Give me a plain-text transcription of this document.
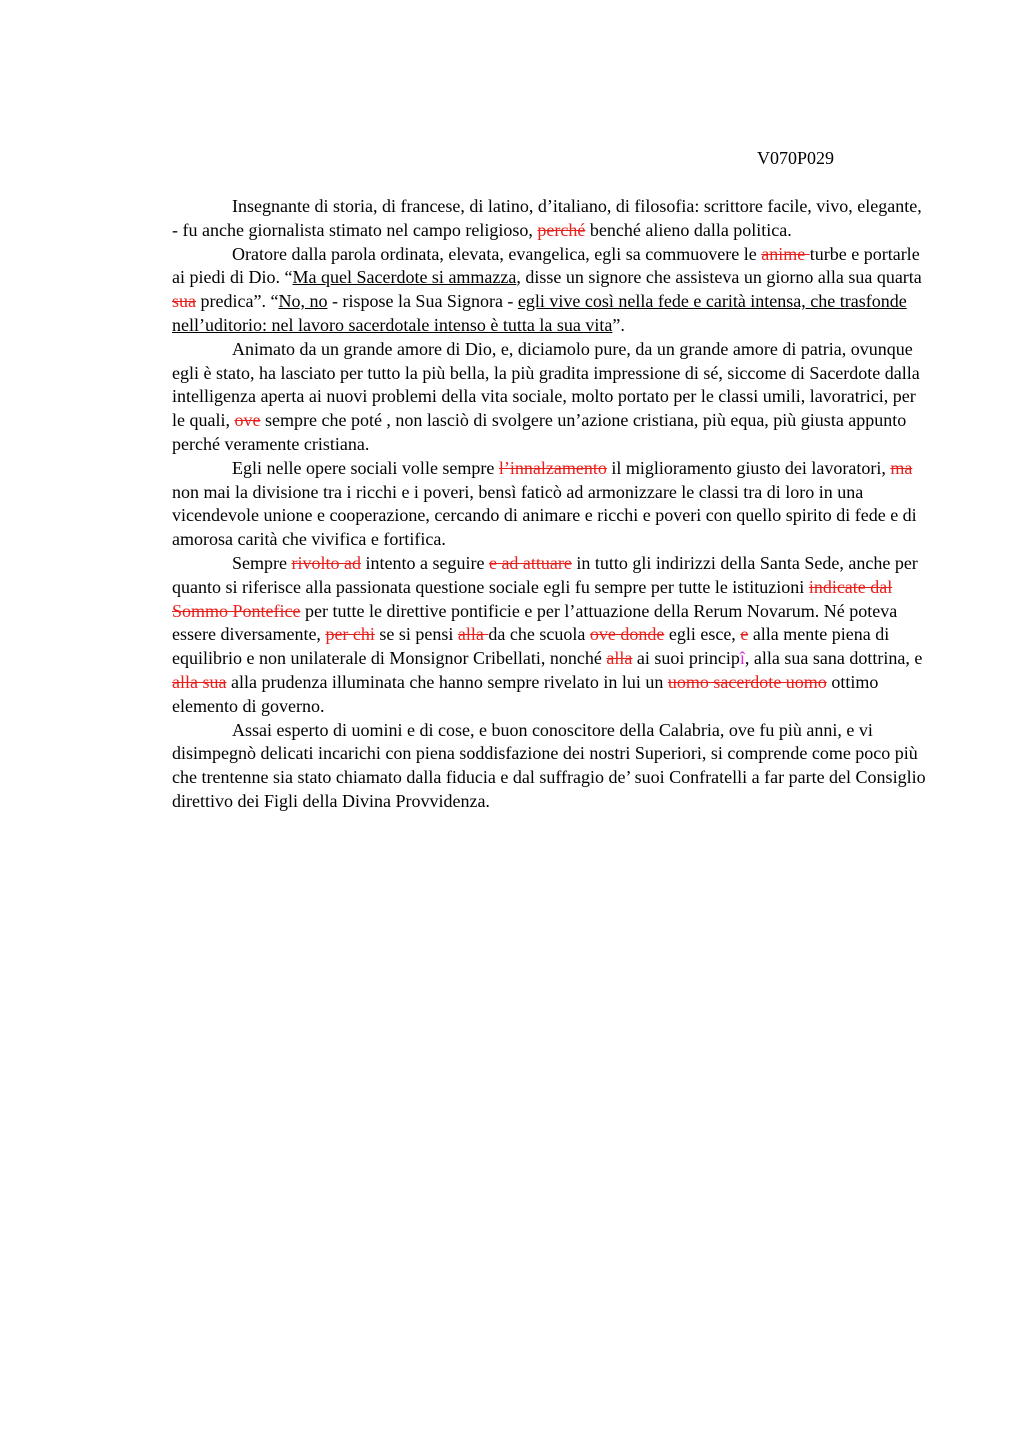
V070P029

Insegnante di storia, di francese, di latino, d’italiano, di filosofia: scrittore facile, vivo, elegante, - fu anche giornalista stimato nel campo religioso, perché benché alieno dalla politica.

Oratore dalla parola ordinata, elevata, evangelica, egli sa commuovere le anime turbe e portarle ai piedi di Dio. “Ma quel Sacerdote si ammazza, disse un signore che assisteva un giorno alla sua quarta sua predica”. “No, no - rispose la Sua Signora - egli vive così nella fede e carità intensa, che trasfonde nell’uditorio: nel lavoro sacerdotale intenso è tutta la sua vita”.

Animato da un grande amore di Dio, e, diciamolo pure, da un grande amore di patria, ovunque egli è stato, ha lasciato per tutto la più bella, la più gradita impressione di sé, siccome di Sacerdote dalla intelligenza aperta ai nuovi problemi della vita sociale, molto portato per le classi umili, lavoratrici, per le quali, ove sempre che poté , non lasciò di svolgere un’azione cristiana, più equa, più giusta appunto perché veramente cristiana.

Egli nelle opere sociali volle sempre l’innalzamento il miglioramento giusto dei lavoratori, ma non mai la divisione tra i ricchi e i poveri, bensì faticò ad armonizzare le classi tra di loro in una vicendevole unione e cooperazione, cercando di animare e ricchi e poveri con quello spirito di fede e di amorosa carità che vivifica e fortifica.

Sempre rivolto ad intento a seguire e ad attuare in tutto gli indirizzi della Santa Sede, anche per quanto si riferisce alla passionata questione sociale egli fu sempre per tutte le istituzioni indicate dal Sommo Pontefice per tutte le direttive pontificie e per l’attuazione della Rerum Novarum. Né poteva essere diversamente, per chi se si pensi alla da che scuola ove donde egli esce, e alla mente piena di equilibrio e non unilaterale di Monsignor Cribellati, nonché alla ai suoi principî, alla sua sana dottrina, e alla sua alla prudenza illuminata che hanno sempre rivelato in lui un uomo sacerdote uomo ottimo elemento di governo.

Assai esperto di uomini e di cose, e buon conoscitore della Calabria, ove fu più anni, e vi disimpegnò delicati incarichi con piena soddisfazione dei nostri Superiori, si comprende come poco più che trentenne sia stato chiamato dalla fiducia e dal suffragio de’ suoi Confratelli a far parte del Consiglio direttivo dei Figli della Divina Provvidenza.
